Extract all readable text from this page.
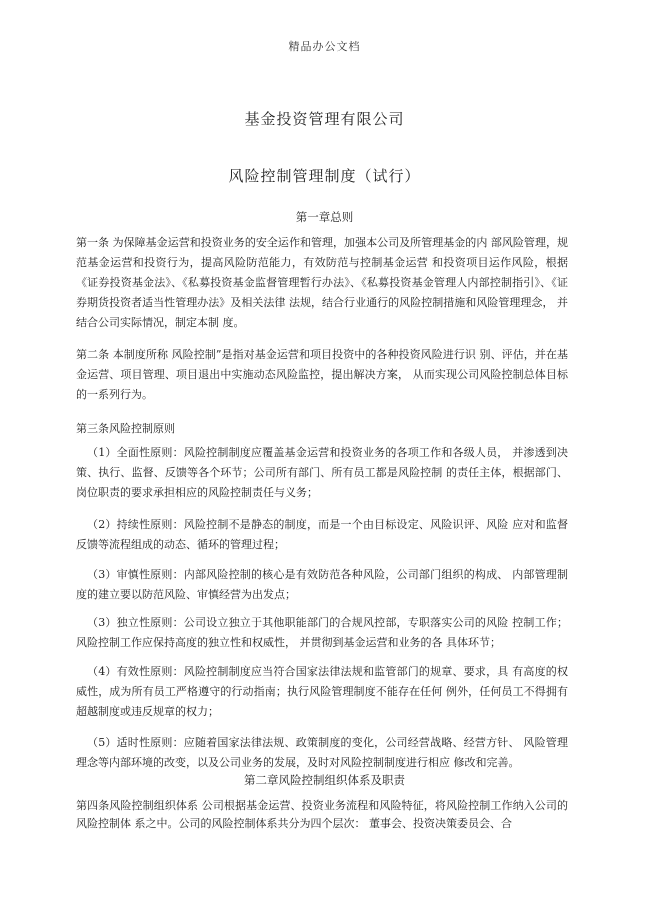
精品办公文档
基金投资管理有限公司
风险控制管理制度（试行）
第一章总则
第一条 为保障基金运营和投资业务的安全运作和管理，加强本公司及所管理基金的内 部风险管理，规范基金运营和投资行为，提高风险防范能力，有效防范与控制基金运营 和投资项目运作风险，根据《证券投资基金法》、《私募投资基金监督管理暂行办法》、《私募投资基金管理人内部控制指引》、《证券期货投资者适当性管理办法》及相关法律 法规，结合行业通行的风险控制措施和风险管理理念， 并结合公司实际情况，制定本制 度。
第二条 本制度所称 风险控制”是指对基金运营和项目投资中的各种投资风险进行识 别、评估，并在基金运营、项目管理、项目退出中实施动态风险监控，提出解决方案， 从而实现公司风险控制总体目标的一系列行为。
第三条风险控制原则
（1）全面性原则：风险控制制度应覆盖基金运营和投资业务的各项工作和各级人员， 并渗透到决策、执行、监督、反馈等各个环节；公司所有部门、所有员工都是风险控制 的责任主体，根据部门、岗位职责的要求承担相应的风险控制责任与义务；
（2）持续性原则：风险控制不是静态的制度，而是一个由目标设定、风险识评、风险 应对和监督反馈等流程组成的动态、循环的管理过程；
（3）审慎性原则：内部风险控制的核心是有效防范各种风险，公司部门组织的构成、 内部管理制度的建立要以防范风险、审慎经营为出发点；
（3）独立性原则：公司设立独立于其他职能部门的合规风控部，专职落实公司的风险 控制工作；风险控制工作应保持高度的独立性和权威性， 并贯彻到基金运营和业务的各 具体环节；
（4）有效性原则：风险控制制度应当符合国家法律法规和监管部门的规章、要求，具 有高度的权威性，成为所有员工严格遵守的行动指南；执行风险管理制度不能存在任何 例外，任何员工不得拥有超越制度或违反规章的权力；
（5）适时性原则：应随着国家法律法规、政策制度的变化，公司经营战略、经营方针、 风险管理理念等内部环境的改变，以及公司业务的发展，及时对风险控制制度进行相应 修改和完善。
第二章风险控制组织体系及职责
第四条风险控制组织体系 公司根据基金运营、投资业务流程和风险特征，将风险控制工作纳入公司的风险控制体 系之中。公司的风险控制体系共分为四个层次： 董事会、投资决策委员会、合
